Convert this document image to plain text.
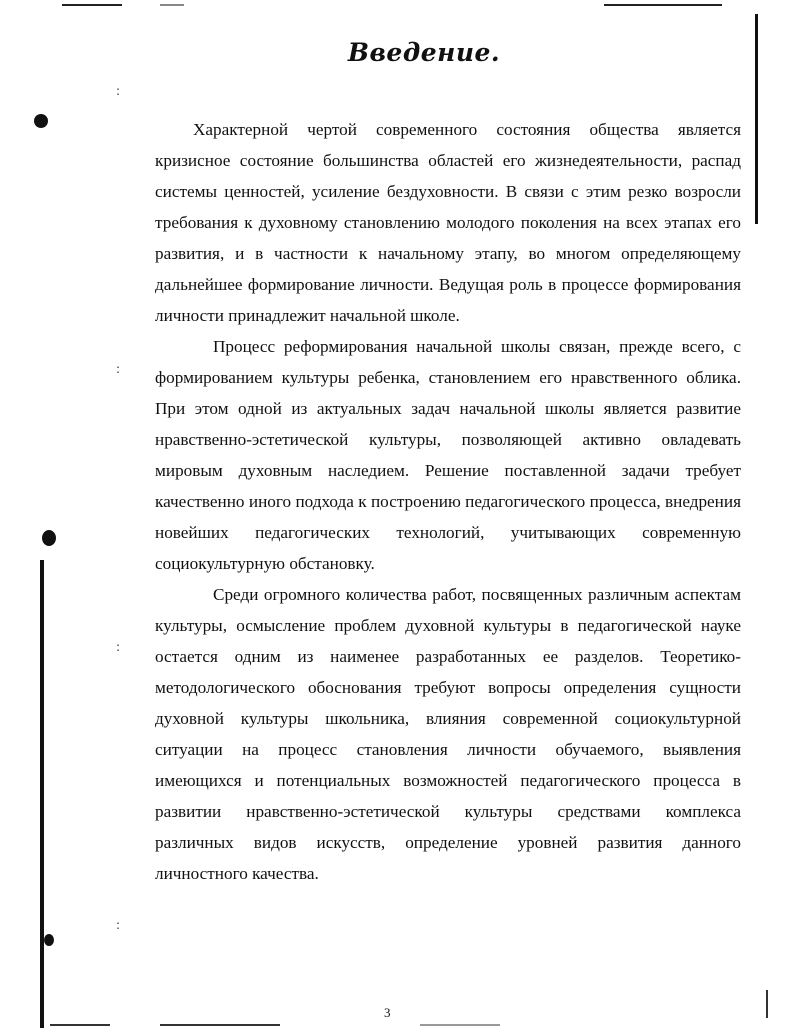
:
:
:
:
Введение.

Характерной чертой современного состояния общества является кризисное состояние большинства областей его жизнедеятельности, распад системы ценностей, усиление бездуховности. В связи с этим резко возросли требования к духовному становлению молодого поколения на всех этапах его развития, и в частности к начальному этапу, во многом определяющему дальнейшее формирование личности. Ведущая роль в процессе формирования личности принадлежит начальной школе.

Процесс реформирования начальной школы связан, прежде всего, с формированием культуры ребенка, становлением его нравственного облика. При этом одной из актуальных задач начальной школы является развитие нравственно-эстетической культуры, позволяющей активно овладевать мировым духовным наследием. Решение поставленной задачи требует качественно иного подхода к построению педагогического процесса, внедрения новейших педагогических технологий, учитывающих современную социокультурную обстановку.

Среди огромного количества работ, посвященных различным аспектам культуры, осмысление проблем духовной культуры в педагогической науке остается одним из наименее разработанных ее разделов. Теоретико-методологического обоснования требуют вопросы определения сущности духовной культуры школьника, влияния современной социокультурной ситуации на процесс становления личности обучаемого, выявления имеющихся и потенциальных возможностей педагогического процесса в развитии нравственно-эстетической культуры средствами комплекса различных видов искусств, определение уровней развития данного личностного качества.

3
